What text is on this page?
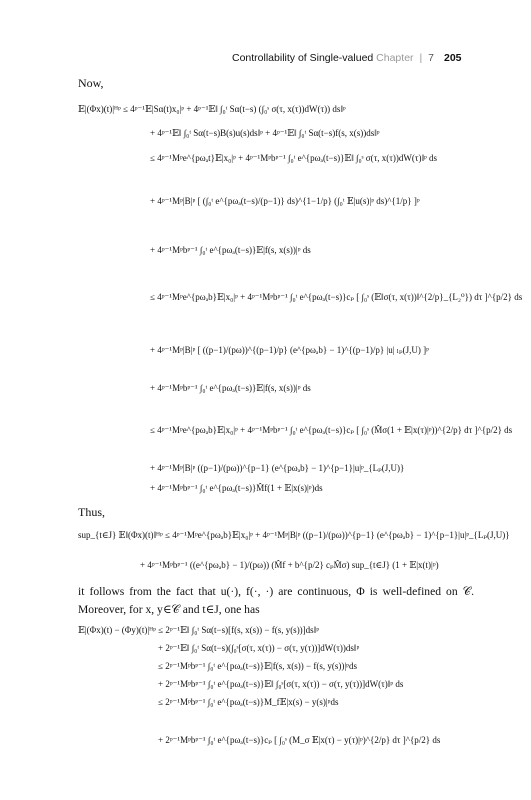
Controllability of Single-valued Chapter | 7 205
Now,
𝔼|(Φx)(t)|ᴴᵖ ≤ 4ᵖ⁻¹𝔼|Sα(t)x₀|ᵖ + 4ᵖ⁻¹𝔼‖ ∫₀ᵗ Sα(t−s) (∫₀ˢ σ(τ, x(τ))dW(τ)) ds‖ᵖ
+ 4ᵖ⁻¹𝔼‖ ∫₀ᵗ Sα(t−s)B(s)u(s)ds‖ᵖ + 4ᵖ⁻¹𝔼‖ ∫₀ᵗ Sα(t−s)f(s, x(s))ds‖ᵖ
≤ 4ᵖ⁻¹Mᵖe^{pωₐt}𝔼|x₀|ᵖ + 4ᵖ⁻¹Mᵖbᵖ⁻¹ ∫₀ᵗ e^{pωₐ(t−s)}𝔼‖ ∫₀ˢ σ(τ, x(τ))dW(τ)‖ᵖ ds
+ 4ᵖ⁻¹Mᵖ|B|ᵖ [ (∫₀ᵗ e^{pωₐ(t−s)/(p−1)} ds)^{1−1/p} (∫₀ᵗ 𝔼|u(s)|ᵖ ds)^{1/p} ]ᵖ
+ 4ᵖ⁻¹Mᵖbᵖ⁻¹ ∫₀ᵗ e^{pωₐ(t−s)}𝔼|f(s, x(s))|ᵖ ds
≤ 4ᵖ⁻¹Mᵖe^{pωₐb}𝔼|x₀|ᵖ + 4ᵖ⁻¹Mᵖbᵖ⁻¹ ∫₀ᵗ e^{pωₐ(t−s)}cₚ [ ∫₀ˢ (𝔼‖σ(τ, x(τ))‖^{2/p}_{L₂⁰}) dτ ]^{p/2} ds
+ 4ᵖ⁻¹Mᵖ|B|ᵖ [ ((p−1)/(pω))^{(p−1)/p} (e^{pωₐb} − 1)^{(p−1)/p} |u| ₗₚ(J,U) ]ᵖ
+ 4ᵖ⁻¹Mᵖbᵖ⁻¹ ∫₀ᵗ e^{pωₐ(t−s)}𝔼|f(s, x(s))|ᵖ ds
≤ 4ᵖ⁻¹Mᵖe^{pωₐb}𝔼|x₀|ᵖ + 4ᵖ⁻¹Mᵖbᵖ⁻¹ ∫₀ᵗ e^{pωₐ(t−s)}cₚ [ ∫₀ˢ (M̂σ(1 + 𝔼|x(τ)|ᵖ))^{2/p} dτ ]^{p/2} ds
+ 4ᵖ⁻¹Mᵖ|B|ᵖ ((p−1)/(pω))^{p−1} (e^{pωₐb} − 1)^{p−1}|u|ᵖ_{Lₚ(J,U)}
+ 4ᵖ⁻¹Mᵖbᵖ⁻¹ ∫₀ᵗ e^{pωₐ(t−s)}M̂f(1 + 𝔼|x(s)|ᵖ)ds
Thus,
sup_{t∈J} 𝔼‖(Φx)(t)‖ᴴᵖ ≤ 4ᵖ⁻¹Mᵖe^{pωₐb}𝔼|x₀|ᵖ + 4ᵖ⁻¹Mᵖ|B|ᵖ ((p−1)/(pω))^{p−1} (e^{pωₐb} − 1)^{p−1}|u|ᵖ_{Lₚ(J,U)}
+ 4ᵖ⁻¹Mᵖbᵖ⁻¹ ((e^{pωₐb} − 1)/(pω)) (M̂f + b^{p/2} cₚM̂σ) sup_{t∈J} (1 + 𝔼|x(t)|ᵖ)
it follows from the fact that u(·), f(·, ·) are continuous, Φ is well-defined on 𝒞. Moreover, for x, y∈𝒞 and t∈J, one has
𝔼|(Φx)(t) − (Φy)(t)|ᴴᵖ ≤ 2ᵖ⁻¹𝔼‖ ∫₀ᵗ Sα(t−s)[f(s, x(s)) − f(s, y(s))]ds‖ᵖ
+ 2ᵖ⁻¹𝔼‖ ∫₀ᵗ Sα(t−s)(∫₀ˢ[σ(τ, x(τ)) − σ(τ, y(τ))]dW(τ))ds‖ᵖ
≤ 2ᵖ⁻¹Mᵖbᵖ⁻¹ ∫₀ᵗ e^{pωₐ(t−s)}𝔼|f(s, x(s)) − f(s, y(s))|ᵖds
+ 2ᵖ⁻¹Mᵖbᵖ⁻¹ ∫₀ᵗ e^{pωₐ(t−s)}𝔼‖ ∫₀ˢ[σ(τ, x(τ)) − σ(τ, y(τ))]dW(τ)‖ᵖ ds
≤ 2ᵖ⁻¹Mᵖbᵖ⁻¹ ∫₀ᵗ e^{pωₐ(t−s)}M_f𝔼|x(s) − y(s)|ᵖds
+ 2ᵖ⁻¹Mᵖbᵖ⁻¹ ∫₀ᵗ e^{pωₐ(t−s)}cₚ [ ∫₀ˢ (M_σ 𝔼|x(τ) − y(τ)|ᵖ)^{2/p} dτ ]^{p/2} ds
